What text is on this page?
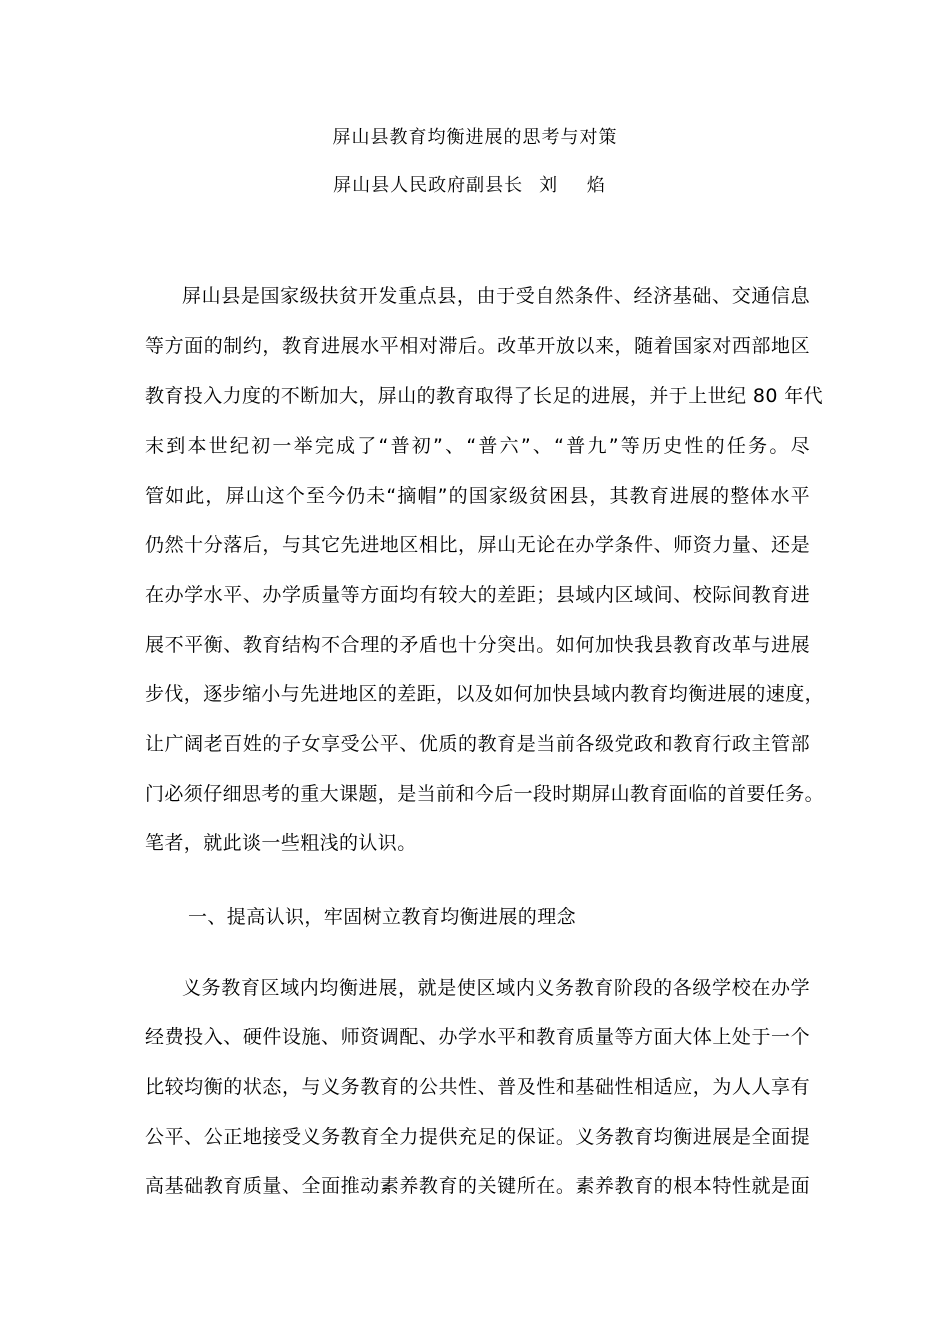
屏山县教育均衡进展的思考与对策
屏山县人民政府副县长 刘 焰
屏山县是国家级扶贫开发重点县，由于受自然条件、经济基础、交通信息
等方面的制约，教育进展水平相对滞后。改革开放以来，随着国家对西部地区
教育投入力度的不断加大，屏山的教育取得了长足的进展，并于上世纪 80 年代
末到本世纪初一举完成了“普初”、“普六”、“普九”等历史性的任务。尽
管如此，屏山这个至今仍未“摘帽”的国家级贫困县，其教育进展的整体水平
仍然十分落后，与其它先进地区相比，屏山无论在办学条件、师资力量、还是
在办学水平、办学质量等方面均有较大的差距；县域内区域间、校际间教育进
展不平衡、教育结构不合理的矛盾也十分突出。如何加快我县教育改革与进展
步伐，逐步缩小与先进地区的差距，以及如何加快县域内教育均衡进展的速度，
让广阔老百姓的子女享受公平、优质的教育是当前各级党政和教育行政主管部
门必须仔细思考的重大课题，是当前和今后一段时期屏山教育面临的首要任务。
笔者，就此谈一些粗浅的认识。
一、提高认识，牢固树立教育均衡进展的理念
义务教育区域内均衡进展，就是使区域内义务教育阶段的各级学校在办学
经费投入、硬件设施、师资调配、办学水平和教育质量等方面大体上处于一个
比较均衡的状态，与义务教育的公共性、普及性和基础性相适应，为人人享有
公平、公正地接受义务教育全力提供充足的保证。义务教育均衡进展是全面提
高基础教育质量、全面推动素养教育的关键所在。素养教育的根本特性就是面
